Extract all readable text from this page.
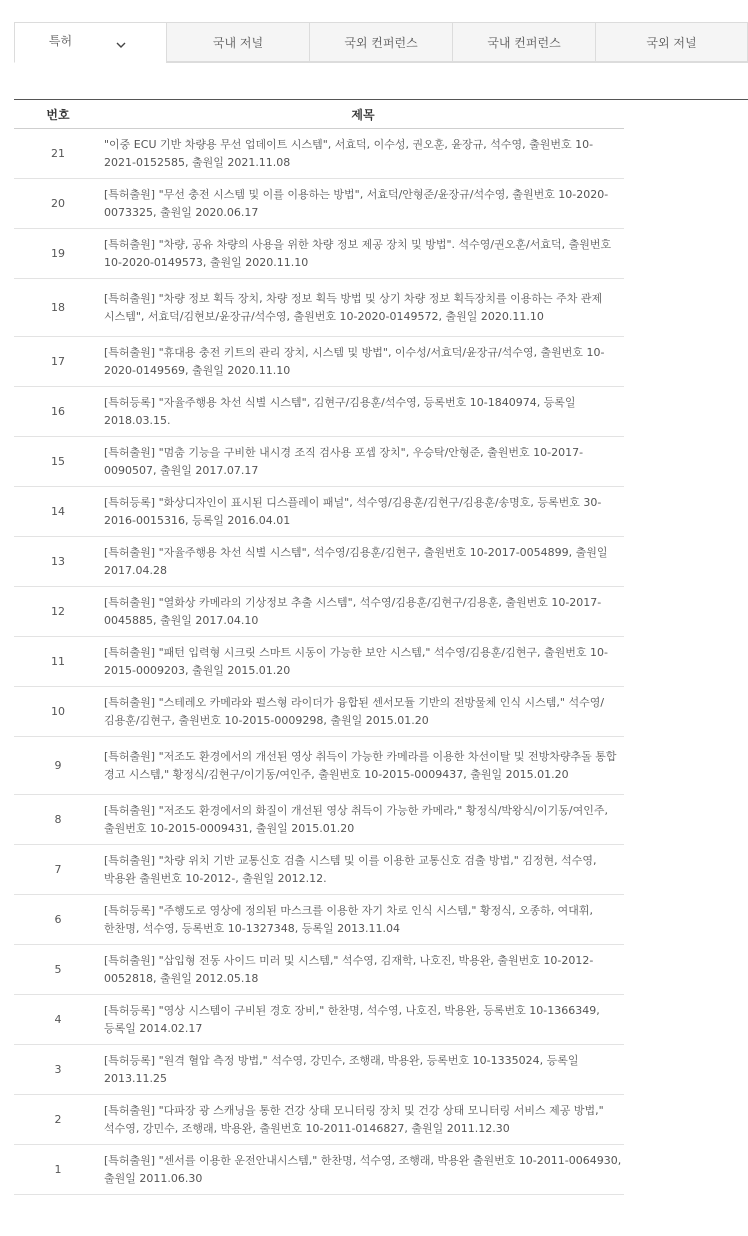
특허	국내 저널	국외 컨퍼런스	국내 컨퍼런스	국외 저널
번호	제목
21	"이중 ECU 기반 차량용 무선 업데이트 시스템", 서효덕, 이수성, 권오훈, 윤장규, 석수영, 출원번호 10-2021-0152585, 출원일 2021.11.08
20	[특허출원] "무선 충전 시스템 및 이를 이용하는 방법", 서효덕/안형준/윤장규/석수영, 출원번호 10-2020-0073325, 출원일 2020.06.17
19	[특허출원] "차량, 공유 차량의 사용을 위한 차량 정보 제공 장치 및 방법". 석수영/권오훈/서효덕, 출원번호 10-2020-0149573, 출원일 2020.11.10
18	[특허출원] "차량 정보 획득 장치, 차량 정보 획득 방법 및 상기 차량 정보 획득장치를 이용하는 주차 관제 시스템", 서효덕/김현보/윤장규/석수영, 출원번호 10-2020-0149572, 출원일 2020.11.10
17	[특허출원] "휴대용 충전 키트의 관리 장치, 시스템 및 방법", 이수성/서효덕/윤장규/석수영, 출원번호 10-2020-0149569, 출원일 2020.11.10
16	[특허등록] "자율주행용 차선 식별 시스템", 김현구/김용훈/석수영, 등록번호 10-1840974, 등록일 2018.03.15.
15	[특허출원] "멈춤 기능을 구비한 내시경 조직 검사용 포셉 장치", 우승탁/안형준, 출원번호 10-2017-0090507, 출원일 2017.07.17
14	[특허등록] "화상디자인이 표시된 디스플레이 패널", 석수영/김용훈/김현구/김용훈/송명호, 등록번호 30-2016-0015316, 등록일 2016.04.01
13	[특허출원] "자율주행용 차선 식별 시스템", 석수영/김용훈/김현구, 출원번호 10-2017-0054899, 출원일 2017.04.28
12	[특허출원] "열화상 카메라의 기상정보 추출 시스템", 석수영/김용훈/김현구/김용훈, 출원번호 10-2017-0045885, 출원일 2017.04.10
11	[특허출원] "패턴 입력형 시크릿 스마트 시동이 가능한 보안 시스템," 석수영/김용훈/김현구, 출원번호 10-2015-0009203, 출원일 2015.01.20
10	[특허출원] "스테레오 카메라와 펄스형 라이더가 융합된 센서모듈 기반의 전방물체 인식 시스템," 석수영/김용훈/김현구, 출원번호 10-2015-0009298, 출원일 2015.01.20
9	[특허출원] "저조도 환경에서의 개선된 영상 취득이 가능한 카메라를 이용한 차선이탈 및 전방차량추돌 통합 경고 시스템," 황정식/김현구/이기동/여인주, 출원번호 10-2015-0009437, 출원일 2015.01.20
8	[특허출원] "저조도 환경에서의 화질이 개선된 영상 취득이 가능한 카메라," 황정식/박왕식/이기동/여인주, 출원번호 10-2015-0009431, 출원일 2015.01.20
7	[특허출원] "차량 위치 기반 교통신호 검출 시스템 및 이를 이용한 교통신호 검출 방법," 김정현, 석수영, 박용완 출원번호 10-2012-, 출원일 2012.12.
6	[특허등록] "주행도로 영상에 정의된 마스크를 이용한 자기 차로 인식 시스템," 황정식, 오종하, 여대휘, 한찬명, 석수영, 등록번호 10-1327348, 등록일 2013.11.04
5	[특허출원] "삽입형 전동 사이드 미러 및 시스템," 석수영, 김재학, 나호진, 박용완, 출원번호 10-2012-0052818, 출원일 2012.05.18
4	[특허등록] "영상 시스템이 구비된 경호 장비," 한찬명, 석수영, 나호진, 박용완, 등록번호 10-1366349, 등록일 2014.02.17
3	[특허등록] "원격 혈압 측정 방법," 석수영, 강민수, 조행래, 박용완, 등록번호 10-1335024, 등록일 2013.11.25
2	[특허출원] "다파장 광 스캐닝을 통한 건강 상태 모니터링 장치 및 건강 상태 모니터링 서비스 제공 방법," 석수영, 강민수, 조행래, 박용완, 출원번호 10-2011-0146827, 출원일 2011.12.30
1	[특허출원] "센서를 이용한 운전안내시스템," 한찬명, 석수영, 조행래, 박용완 출원번호 10-2011-0064930, 출원일 2011.06.30
